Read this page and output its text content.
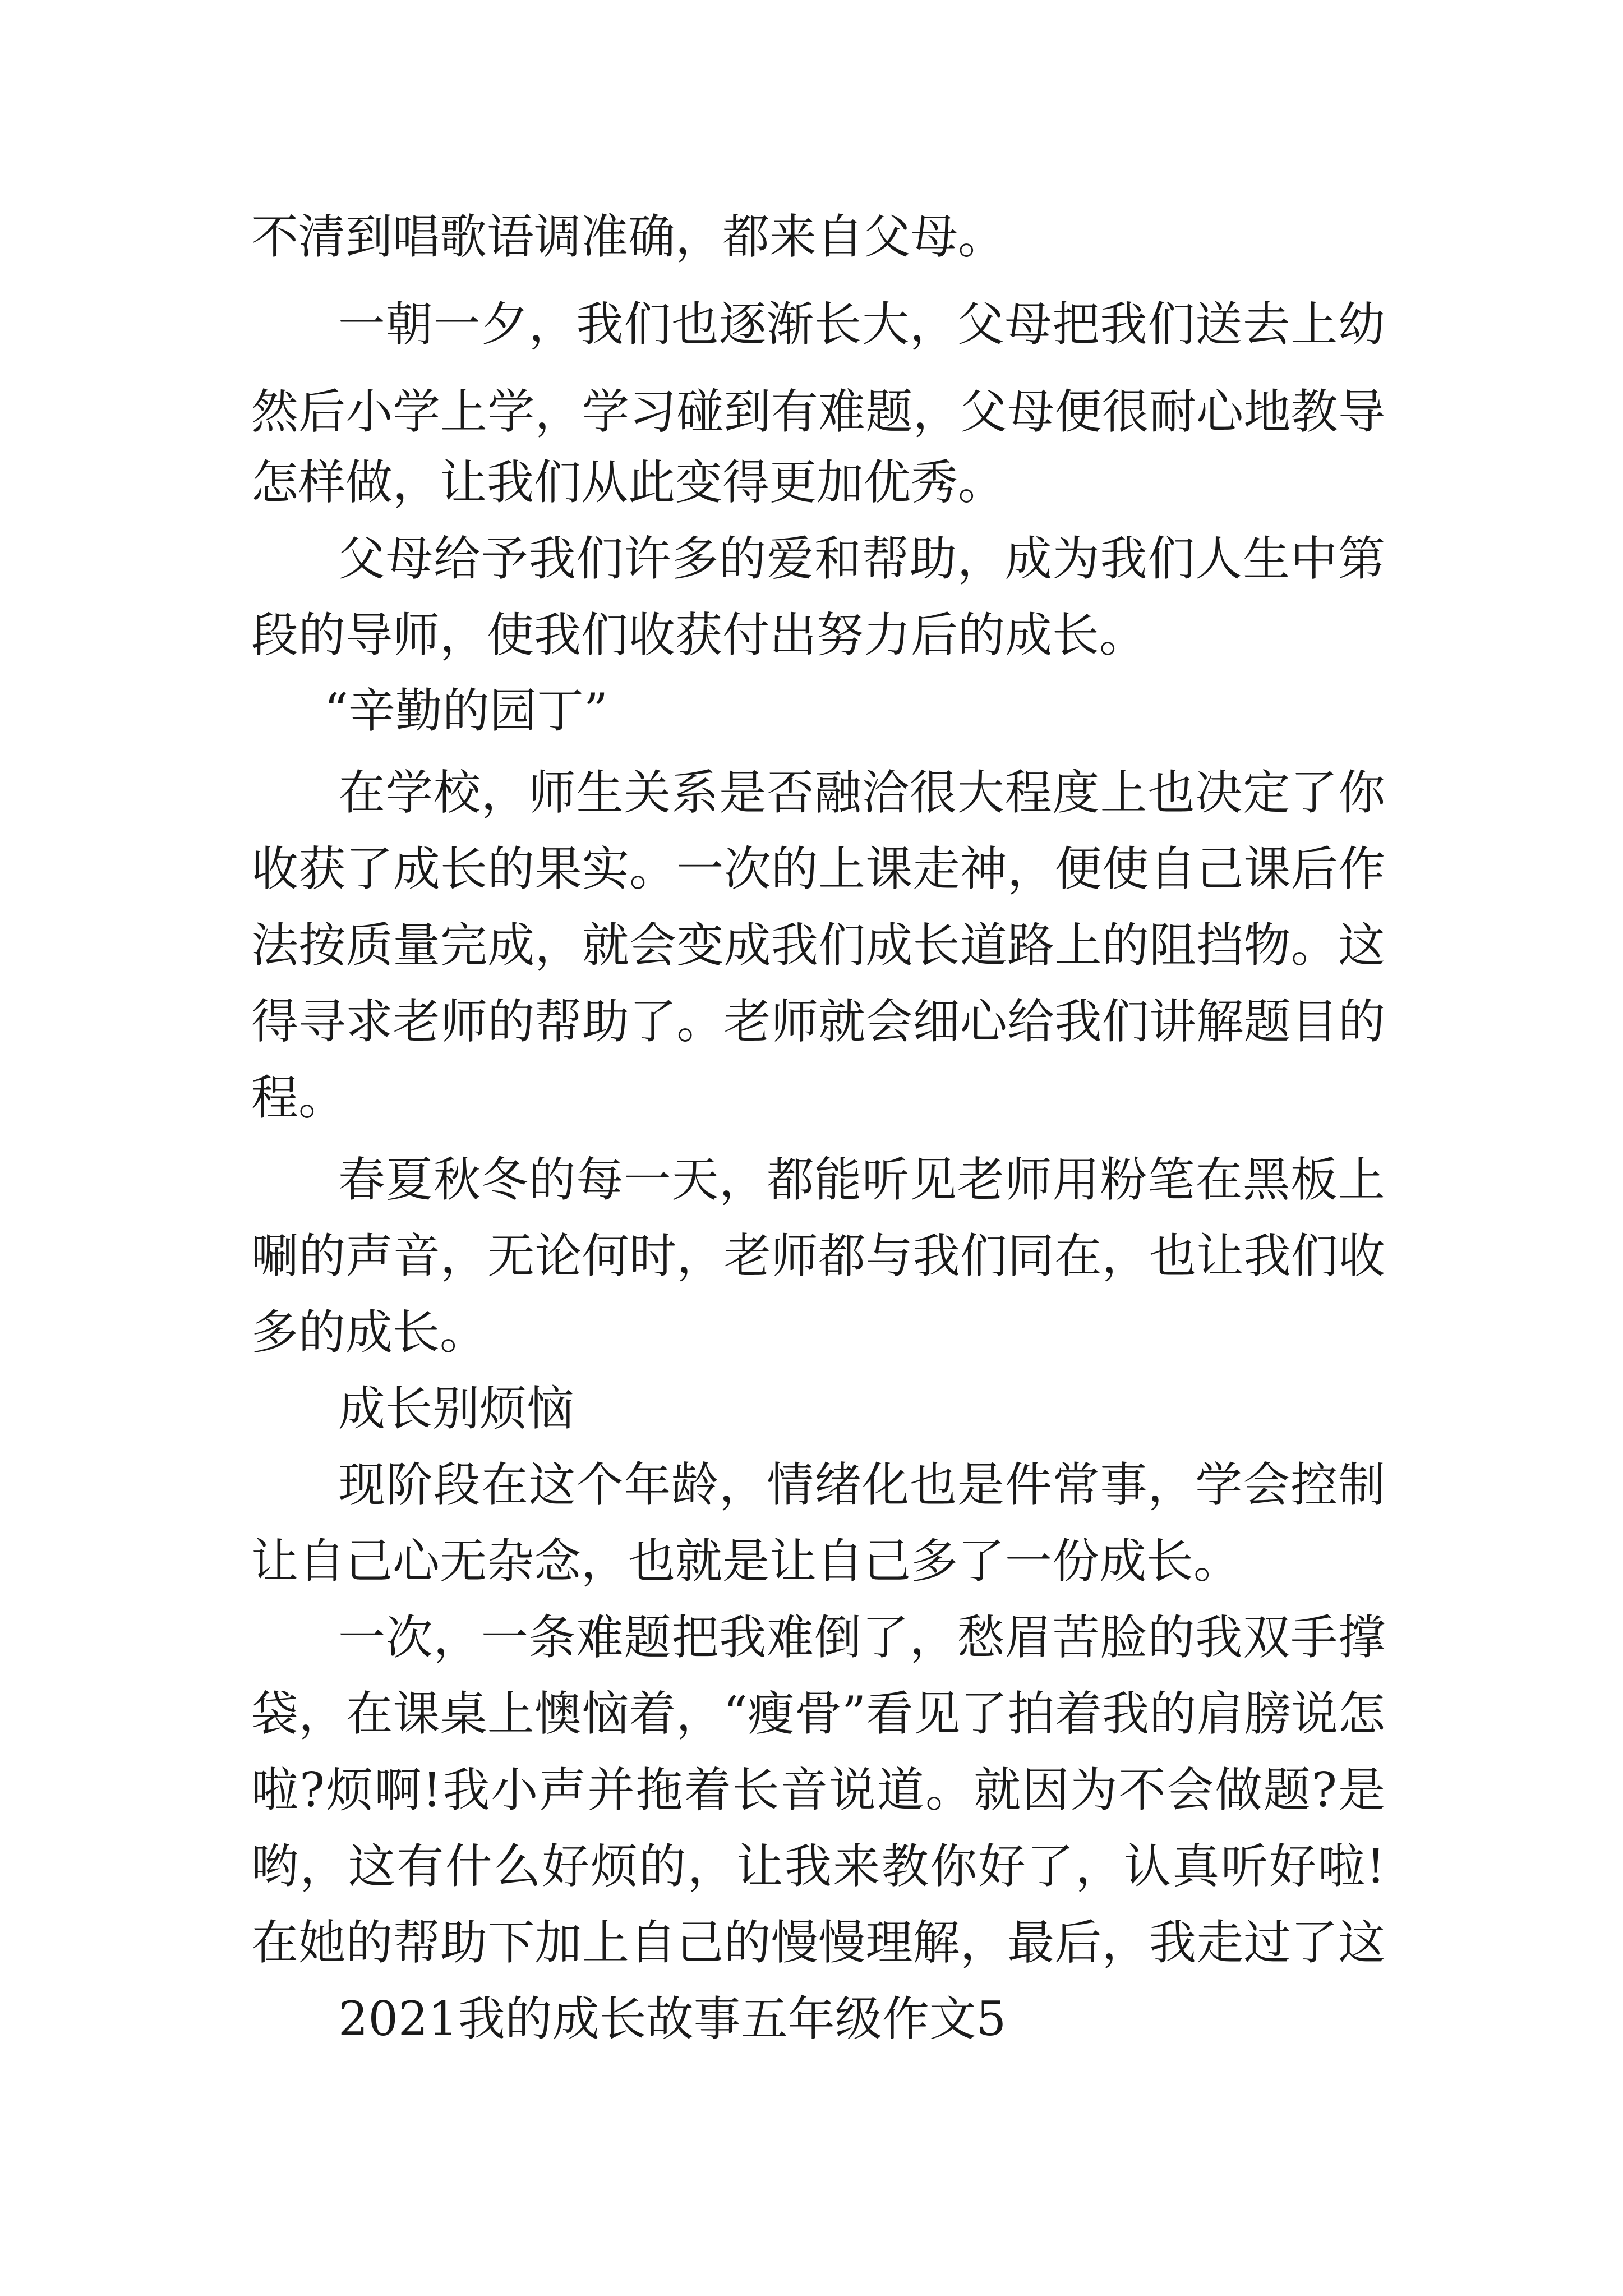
不清到唱歌语调准确，都来自父母。
一朝一夕，我们也逐渐长大，父母把我们送去上幼
然后小学上学，学习碰到有难题，父母便很耐心地教导
怎样做，让我们从此变得更加优秀。
父母给予我们许多的爱和帮助，成为我们人生中第
段的导师，使我们收获付出努力后的成长。
“辛勤的园丁”
在学校，师生关系是否融洽很大程度上也决定了你
收获了成长的果实。一次的上课走神，便使自己课后作
法按质量完成，就会变成我们成长道路上的阻挡物。这
得寻求老师的帮助了。老师就会细心给我们讲解题目的
程。
春夏秋冬的每一天，都能听见老师用粉笔在黑板上
唰的声音，无论何时，老师都与我们同在，也让我们收
多的成长。
成长别烦恼
现阶段在这个年龄，情绪化也是件常事，学会控制
让自己心无杂念，也就是让自己多了一份成长。
一次，一条难题把我难倒了，愁眉苦脸的我双手撑
袋，在课桌上懊恼着，“瘦骨”看见了拍着我的肩膀说怎
啦?烦啊!我小声并拖着长音说道。就因为不会做题?是
哟，这有什么好烦的，让我来教你好了，认真听好啦!
在她的帮助下加上自己的慢慢理解，最后，我走过了这
2021我的成长故事五年级作文5
